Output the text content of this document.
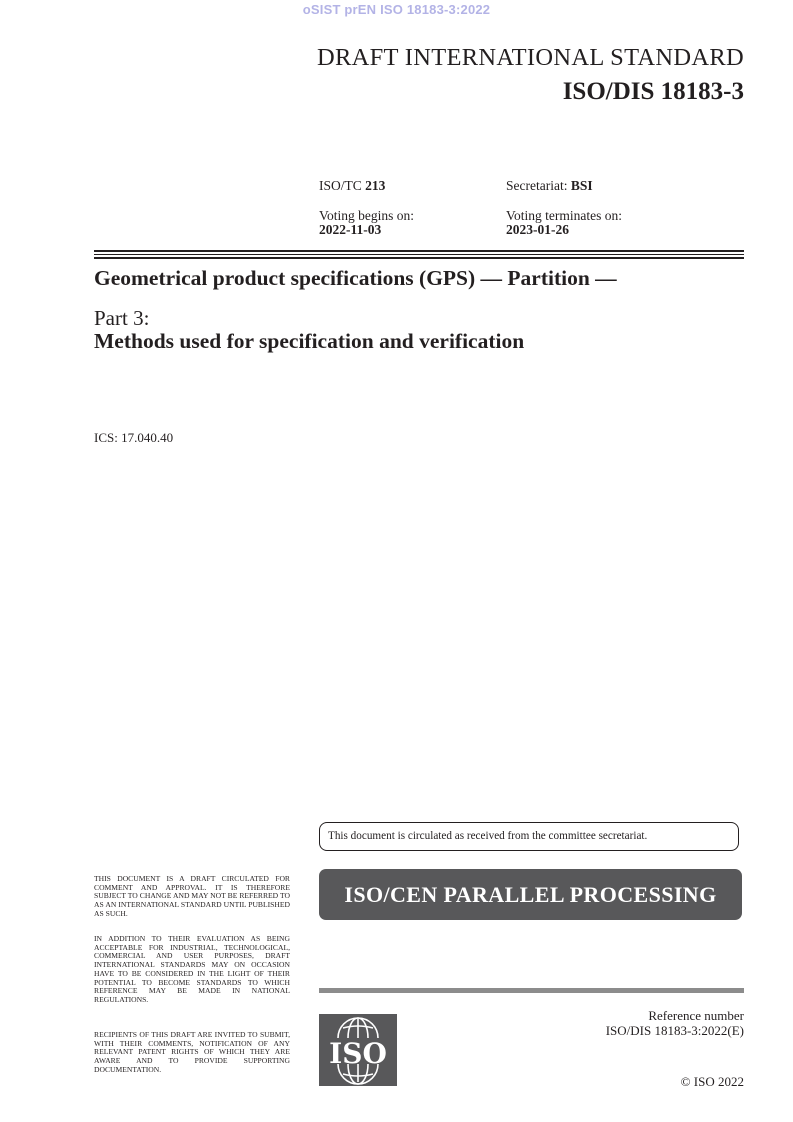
oSIST prEN ISO 18183-3:2022
DRAFT INTERNATIONAL STANDARD
ISO/DIS 18183-3
ISO/TC 213	Secretariat: BSI
Voting begins on:
2022-11-03
Voting terminates on:
2023-01-26
Geometrical product specifications (GPS) — Partition —
Part 3:
Methods used for specification and verification
ICS: 17.040.40
This document is circulated as received from the committee secretariat.
ISO/CEN PARALLEL PROCESSING
THIS DOCUMENT IS A DRAFT CIRCULATED FOR COMMENT AND APPROVAL. IT IS THEREFORE SUBJECT TO CHANGE AND MAY NOT BE REFERRED TO AS AN INTERNATIONAL STANDARD UNTIL PUBLISHED AS SUCH.
IN ADDITION TO THEIR EVALUATION AS BEING ACCEPTABLE FOR INDUSTRIAL, TECHNOLOGICAL, COMMERCIAL AND USER PURPOSES, DRAFT INTERNATIONAL STANDARDS MAY ON OCCASION HAVE TO BE CONSIDERED IN THE LIGHT OF THEIR POTENTIAL TO BECOME STANDARDS TO WHICH REFERENCE MAY BE MADE IN NATIONAL REGULATIONS.
RECIPIENTS OF THIS DRAFT ARE INVITED TO SUBMIT, WITH THEIR COMMENTS, NOTIFICATION OF ANY RELEVANT PATENT RIGHTS OF WHICH THEY ARE AWARE AND TO PROVIDE SUPPORTING DOCUMENTATION.	ISO
Reference number
ISO/DIS 18183-3:2022(E)
© ISO 2022
